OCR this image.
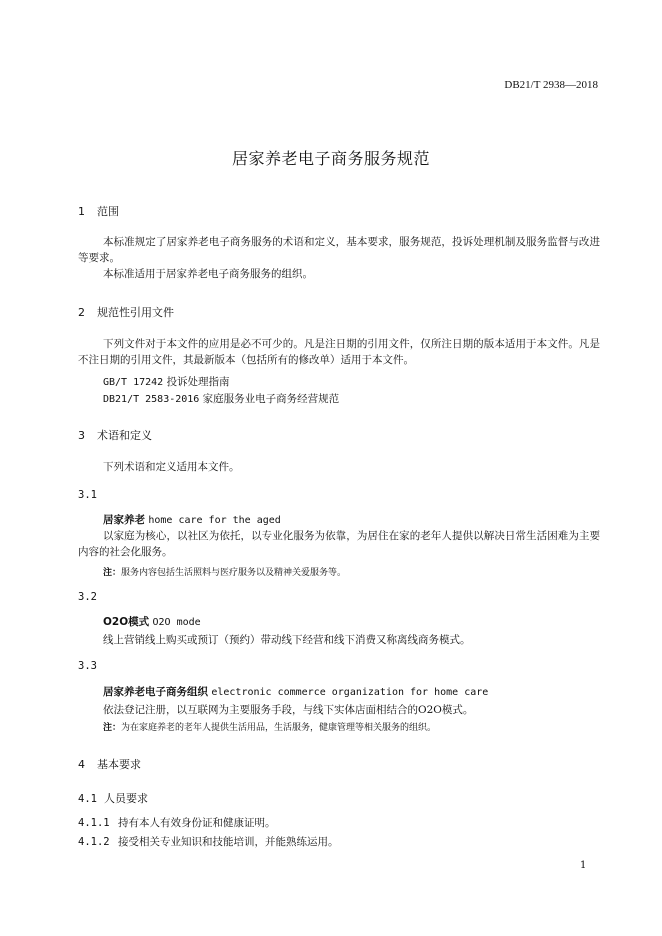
DB21/T 2938—2018
居家养老电子商务服务规范
1 范围
本标准规定了居家养老电子商务服务的术语和定义，基本要求，服务规范，投诉处理机制及服务监督与改进等要求。
本标准适用于居家养老电子商务服务的组织。
2 规范性引用文件
下列文件对于本文件的应用是必不可少的。凡是注日期的引用文件，仅所注日期的版本适用于本文件。凡是不注日期的引用文件，其最新版本（包括所有的修改单）适用于本文件。
GB/T 17242 投诉处理指南
DB21/T 2583-2016 家庭服务业电子商务经营规范
3 术语和定义
下列术语和定义适用本文件。
3.1
居家养老 home care for the aged
以家庭为核心，以社区为依托，以专业化服务为依靠，为居住在家的老年人提供以解决日常生活困难为主要内容的社会化服务。
注：服务内容包括生活照料与医疗服务以及精神关爱服务等。
3.2
O2O模式 O2O mode
线上营销线上购买或预订（预约）带动线下经营和线下消费又称离线商务模式。
3.3
居家养老电子商务组织 electronic commerce organization for home care
依法登记注册，以互联网为主要服务手段，与线下实体店面相结合的O2O模式。
注：为在家庭养老的老年人提供生活用品，生活服务，健康管理等相关服务的组织。
4 基本要求
4.1 人员要求
4.1.1 持有本人有效身份证和健康证明。
4.1.2 接受相关专业知识和技能培训，并能熟练运用。
1
